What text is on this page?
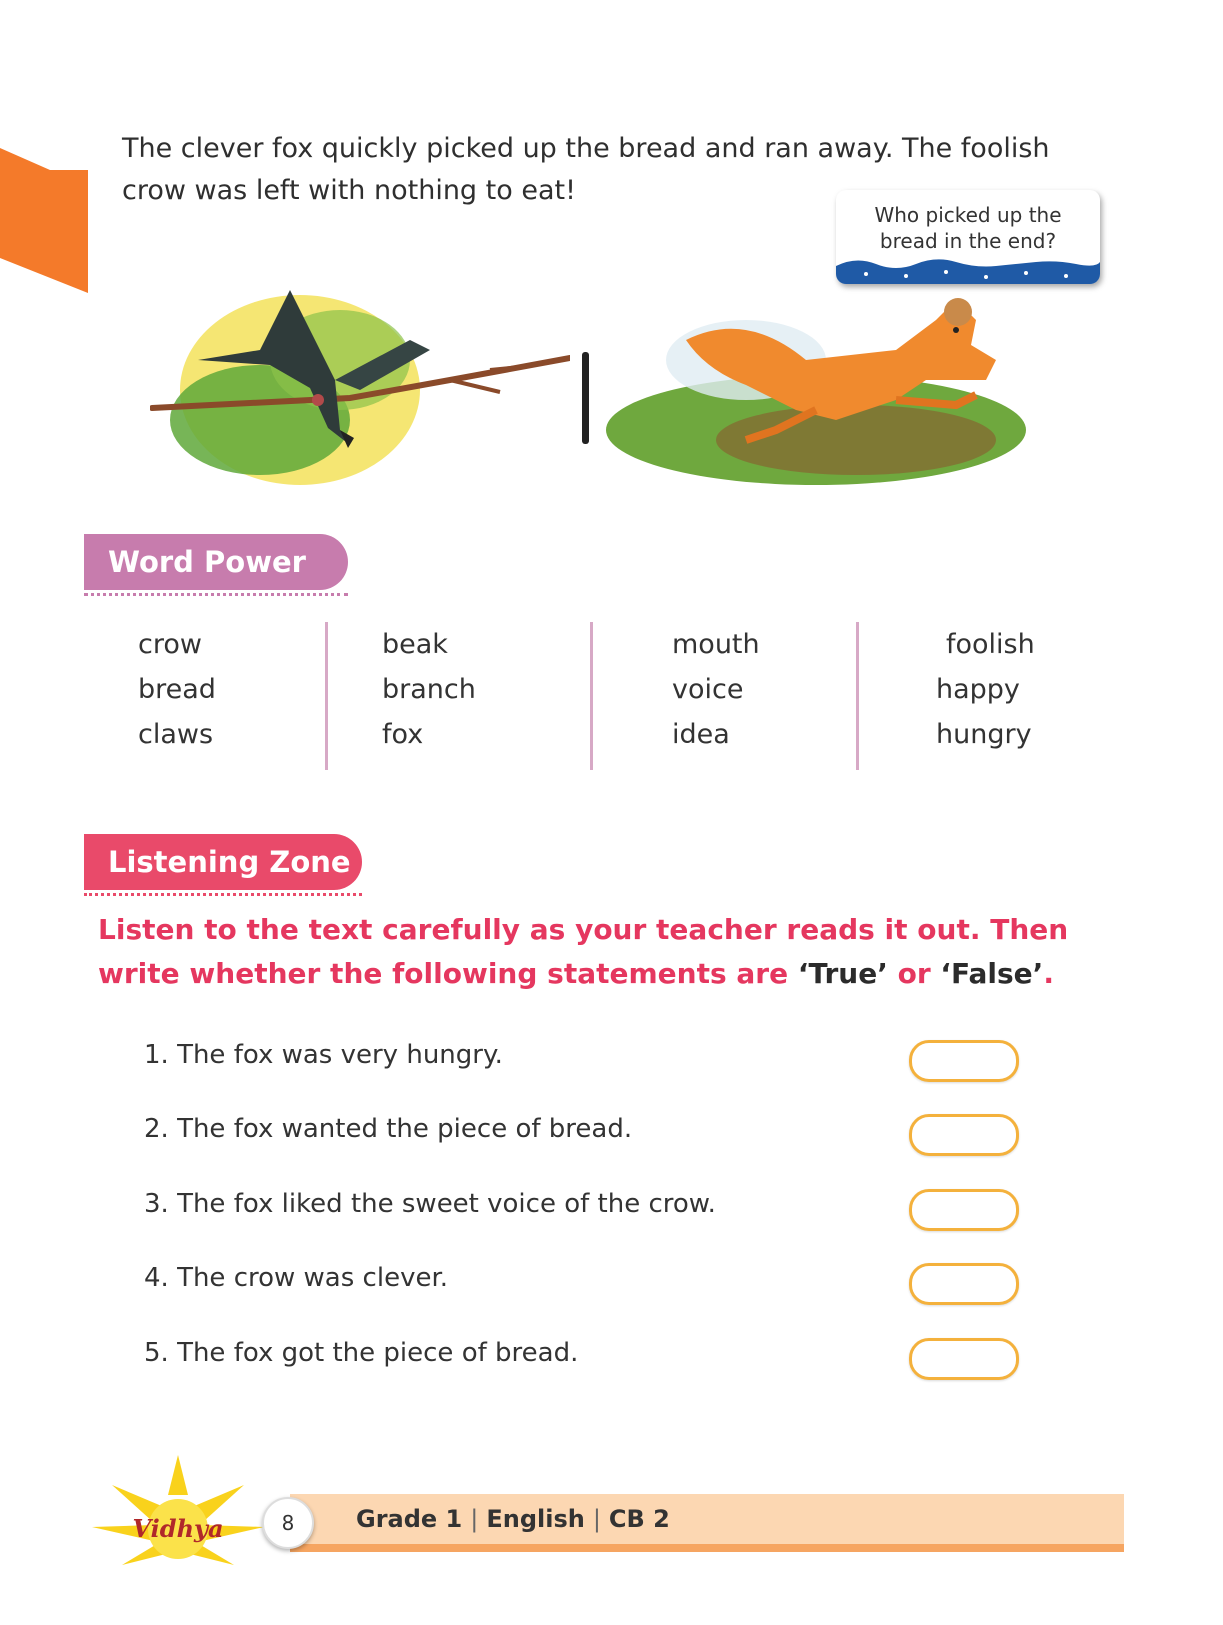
The clever fox quickly picked up the bread and ran away. The foolish crow was left with nothing to eat!
Who picked up the
bread in the end?
Word Power
crow
bread
claws
beak
branch
fox
mouth
voice
idea
foolish
happy
hungry
Listening Zone
Listen to the text carefully as your teacher reads it out. Then write whether the following statements are ‘True’ or ‘False’.
1. The fox was very hungry.
2. The fox wanted the piece of bread.
3. The fox liked the sweet voice of the crow.
4. The crow was clever.
5. The fox got the piece of bread.
Vidhya	8	Grade 1 | English | CB 2
